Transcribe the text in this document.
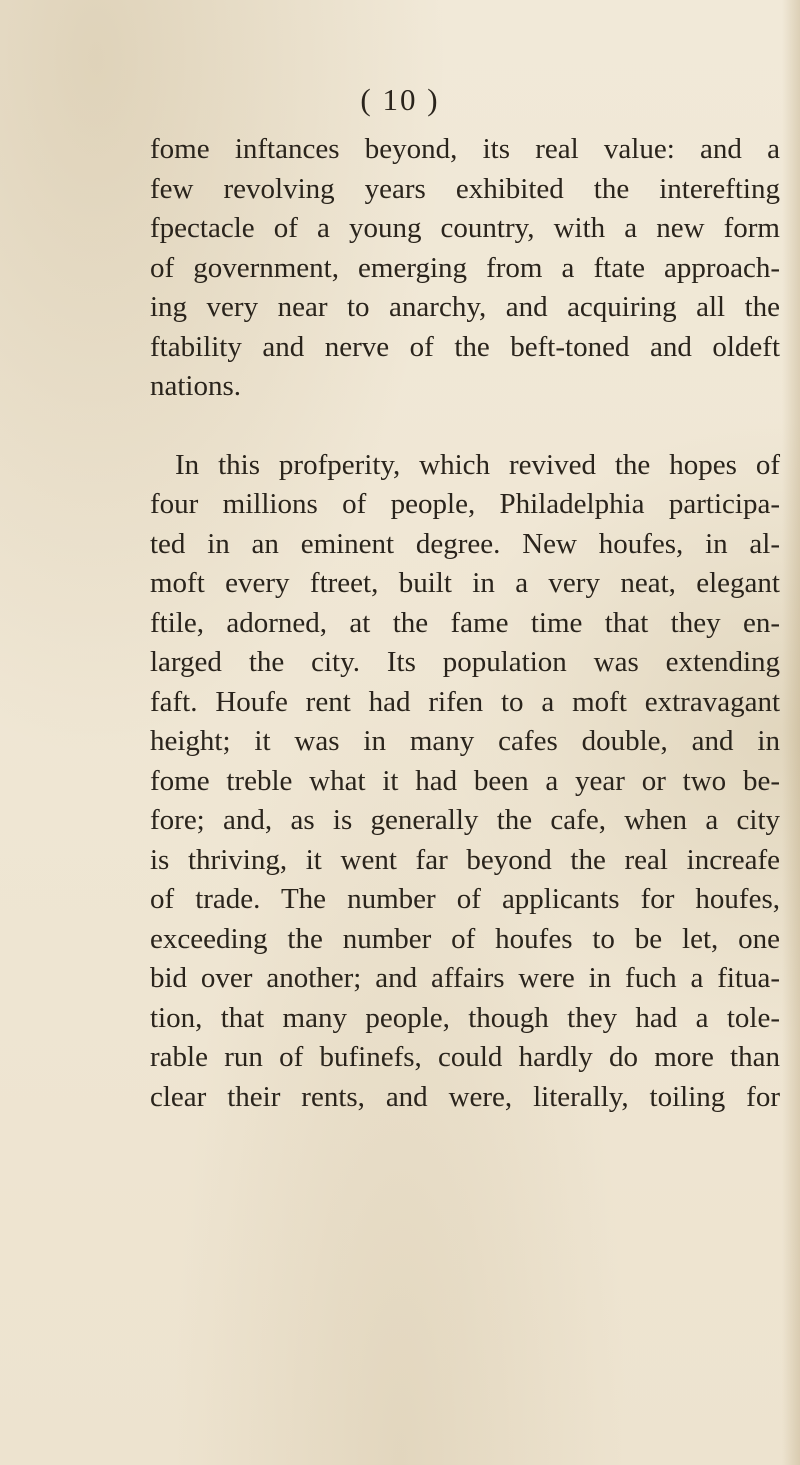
( 10 )
fome inftances beyond, its real value: and a
few revolving years exhibited the interefting
fpectacle of a young country, with a new form
of government, emerging from a ftate approach-
ing very near to anarchy, and acquiring all the
ftability and nerve of the beft-toned and oldeft
nations.
In this profperity, which revived the hopes of
four millions of people, Philadelphia participa-
ted in an eminent degree. New houfes, in al-
moft every ftreet, built in a very neat, elegant
ftile, adorned, at the fame time that they en-
larged the city. Its population was extending
faft. Houfe rent had rifen to a moft extravagant
height; it was in many cafes double, and in
fome treble what it had been a year or two be-
fore; and, as is generally the cafe, when a city
is thriving, it went far beyond the real increafe
of trade. The number of applicants for houfes,
exceeding the number of houfes to be let, one
bid over another; and affairs were in fuch a fitua-
tion, that many people, though they had a tole-
rable run of bufinefs, could hardly do more than
clear their rents, and were, literally, toiling for
